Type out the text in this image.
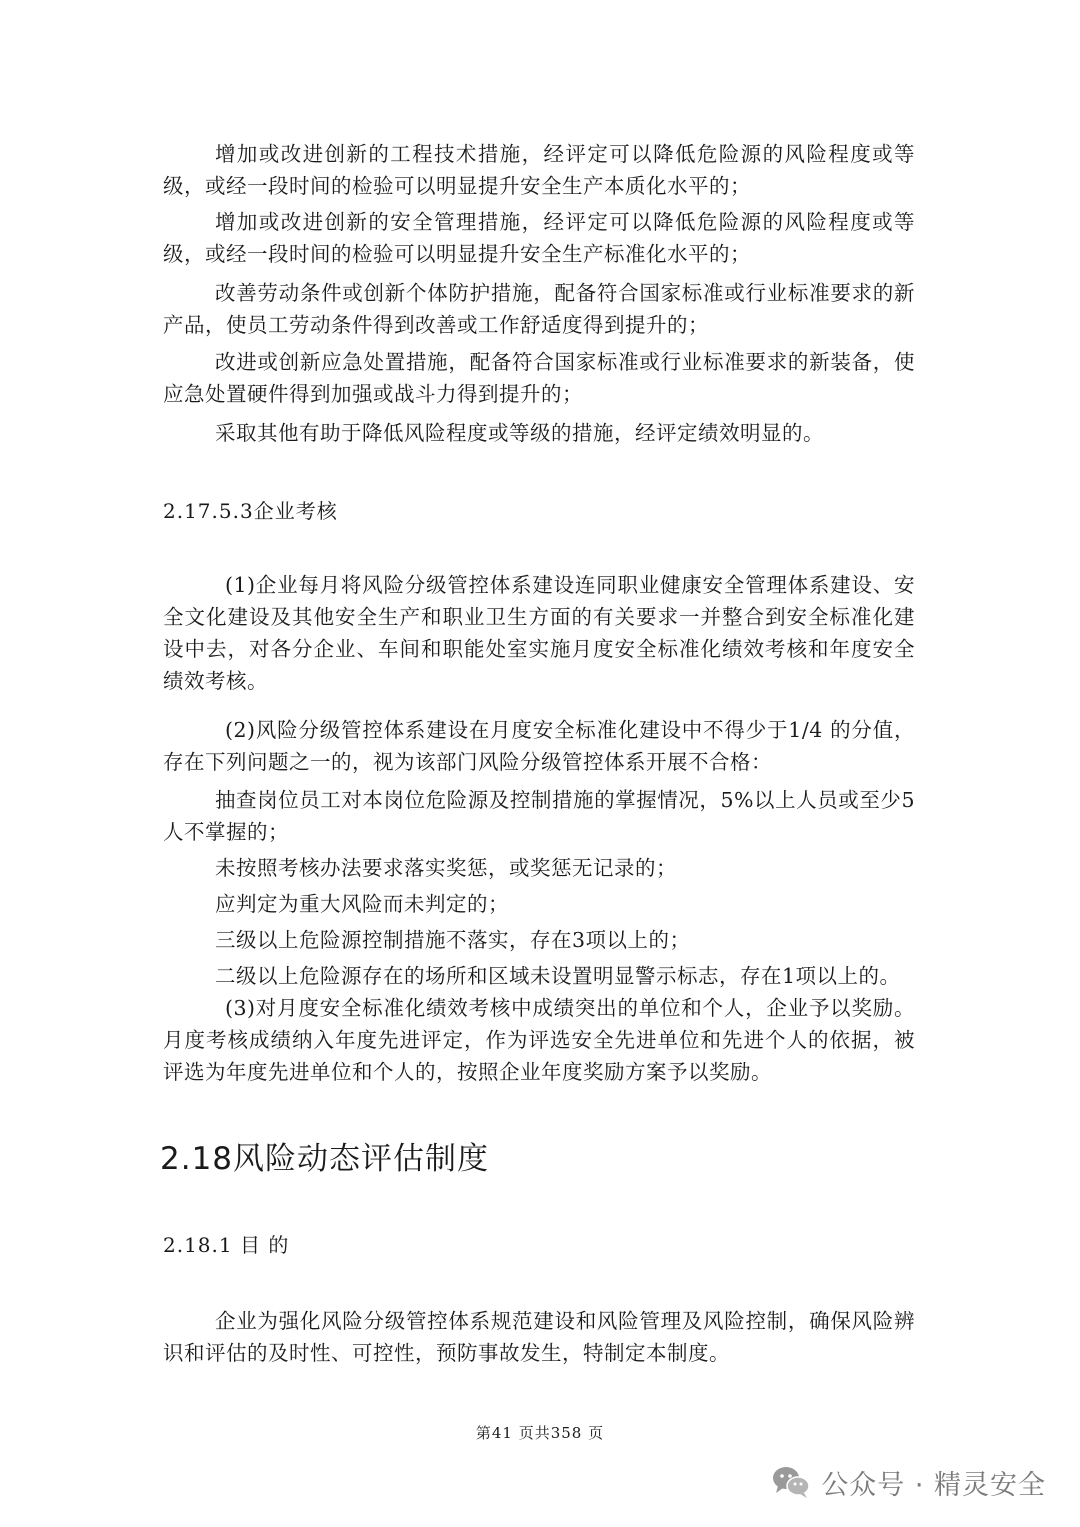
增加或改进创新的工程技术措施，经评定可以降低危险源的风险程度或等级，或经一段时间的检验可以明显提升安全生产本质化水平的；

增加或改进创新的安全管理措施，经评定可以降低危险源的风险程度或等级，或经一段时间的检验可以明显提升安全生产标准化水平的；

改善劳动条件或创新个体防护措施，配备符合国家标准或行业标准要求的新产品，使员工劳动条件得到改善或工作舒适度得到提升的；

改进或创新应急处置措施，配备符合国家标准或行业标准要求的新装备，使应急处置硬件得到加强或战斗力得到提升的；

采取其他有助于降低风险程度或等级的措施，经评定绩效明显的。

2.17.5.3企业考核

(1)企业每月将风险分级管控体系建设连同职业健康安全管理体系建设、安全文化建设及其他安全生产和职业卫生方面的有关要求一并整合到安全标准化建设中去，对各分企业、车间和职能处室实施月度安全标准化绩效考核和年度安全绩效考核。

(2)风险分级管控体系建设在月度安全标准化建设中不得少于1/4 的分值，存在下列问题之一的，视为该部门风险分级管控体系开展不合格：

抽查岗位员工对本岗位危险源及控制措施的掌握情况，5%以上人员或至少5人不掌握的；

未按照考核办法要求落实奖惩，或奖惩无记录的；

应判定为重大风险而未判定的；

三级以上危险源控制措施不落实，存在3项以上的；

二级以上危险源存在的场所和区域未设置明显警示标志，存在1项以上的。

(3)对月度安全标准化绩效考核中成绩突出的单位和个人，企业予以奖励。月度考核成绩纳入年度先进评定，作为评选安全先进单位和先进个人的依据，被评选为年度先进单位和个人的，按照企业年度奖励方案予以奖励。

2.18风险动态评估制度
2.18.1 目 的

企业为强化风险分级管控体系规范建设和风险管理及风险控制，确保风险辨识和评估的及时性、可控性，预防事故发生，特制定本制度。

第41 页共358 页
公众号 · 精灵安全
